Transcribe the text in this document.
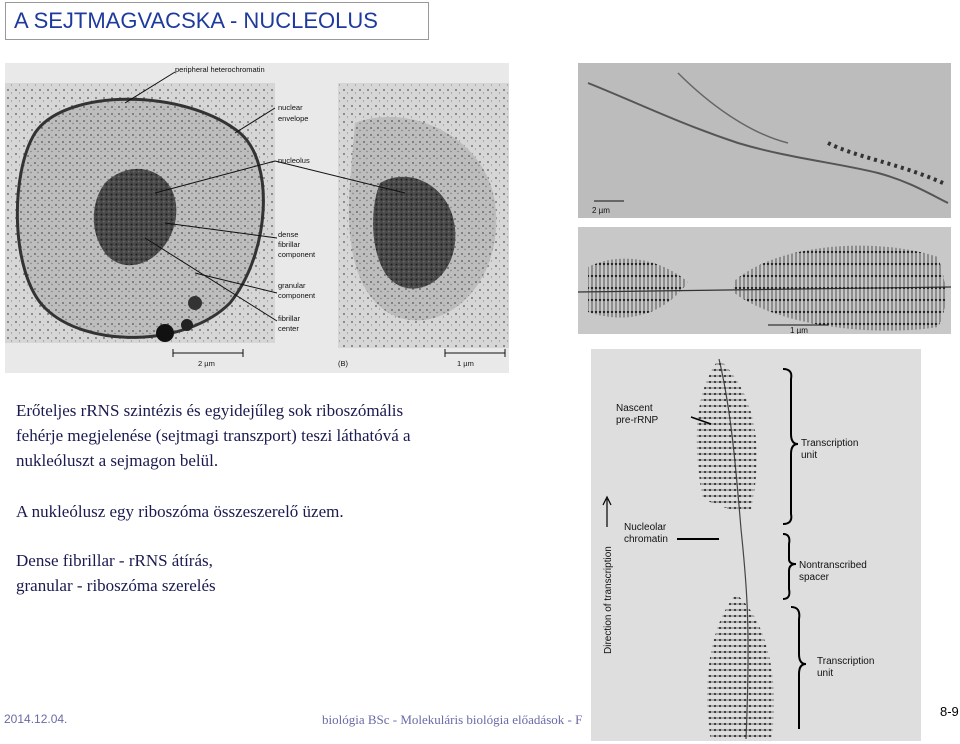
A SEJTMAGVACSKA - NUCLEOLUS
peripheral heterochromatin
nuclear
envelope
nucleolus
dense
fibrillar
component
granular
component
fibrillar
center
2 µm	(B)	1 µm
2 µm
1 µm
Nascent
pre-rRNP
Transcription
unit
Nucleolar
chromatin
Nontranscribed
spacer
Direction of transcription
Transcription
unit
Erőteljes rRNS szintézis és egyidejűleg sok riboszómális
fehérje megjelenése (sejtmagi transzport) teszi láthatóvá a
nukleóluszt a sejmagon belül.
A nukleólusz egy riboszóma összeszerelő üzem.
Dense fibrillar - rRNS átírás,
granular - riboszóma szerelés
2014.12.04.	biológia BSc - Molekuláris biológia előadások - F
8-9
